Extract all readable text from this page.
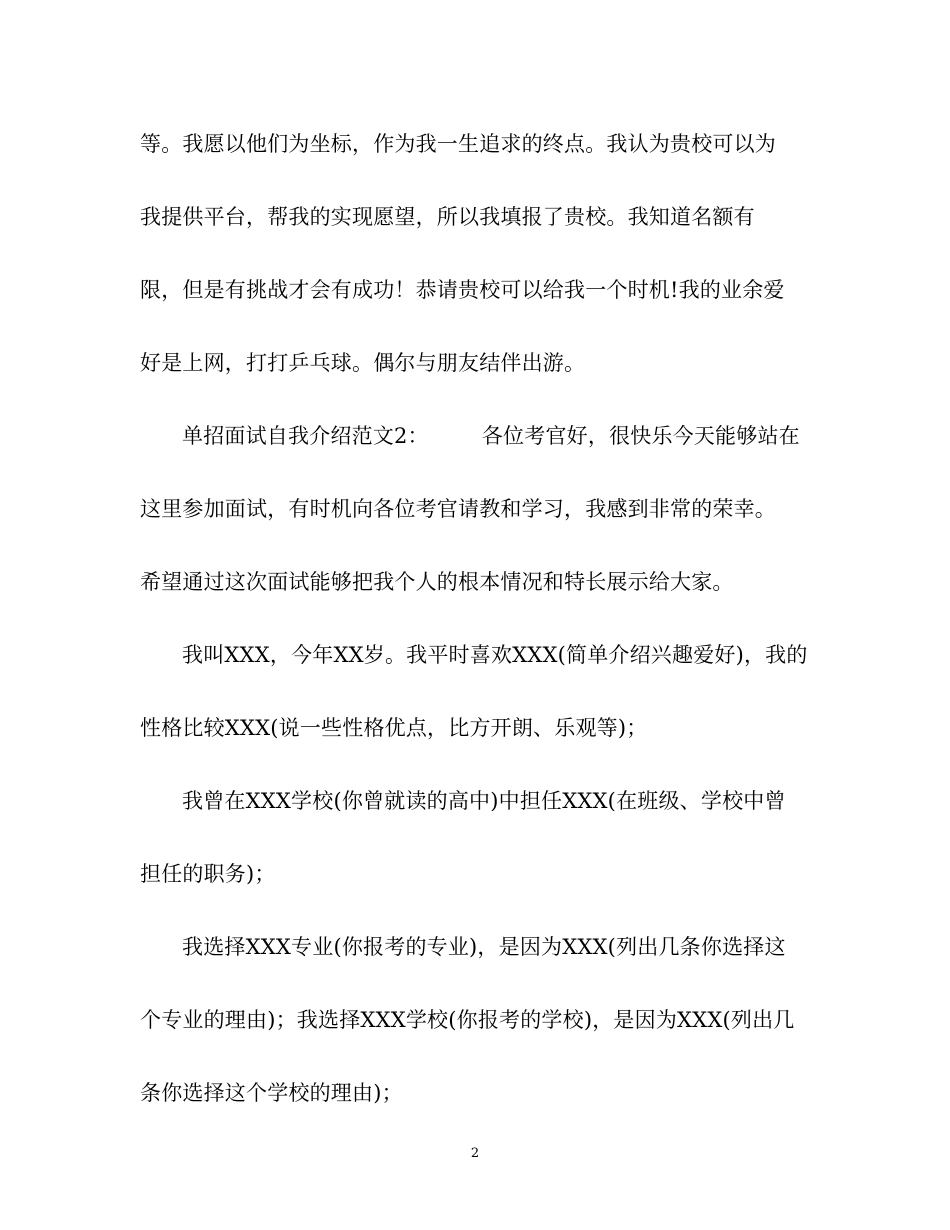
等。我愿以他们为坐标，作为我一生追求的终点。我认为贵校可以为
我提供平台，帮我的实现愿望，所以我填报了贵校。我知道名额有
限，但是有挑战才会有成功！恭请贵校可以给我一个时机!我的业余爱
好是上网，打打乒乓球。偶尔与朋友结伴出游。
单招面试自我介绍范文2：　　　各位考官好，很快乐今天能够站在
这里参加面试，有时机向各位考官请教和学习，我感到非常的荣幸。
希望通过这次面试能够把我个人的根本情况和特长展示给大家。
我叫XXX，今年XX岁。我平时喜欢XXX(简单介绍兴趣爱好)，我的
性格比较XXX(说一些性格优点，比方开朗、乐观等)；
我曾在XXX学校(你曾就读的高中)中担任XXX(在班级、学校中曾
担任的职务)；
我选择XXX专业(你报考的专业)，是因为XXX(列出几条你选择这
个专业的理由)；我选择XXX学校(你报考的学校)，是因为XXX(列出几
条你选择这个学校的理由)；
2
